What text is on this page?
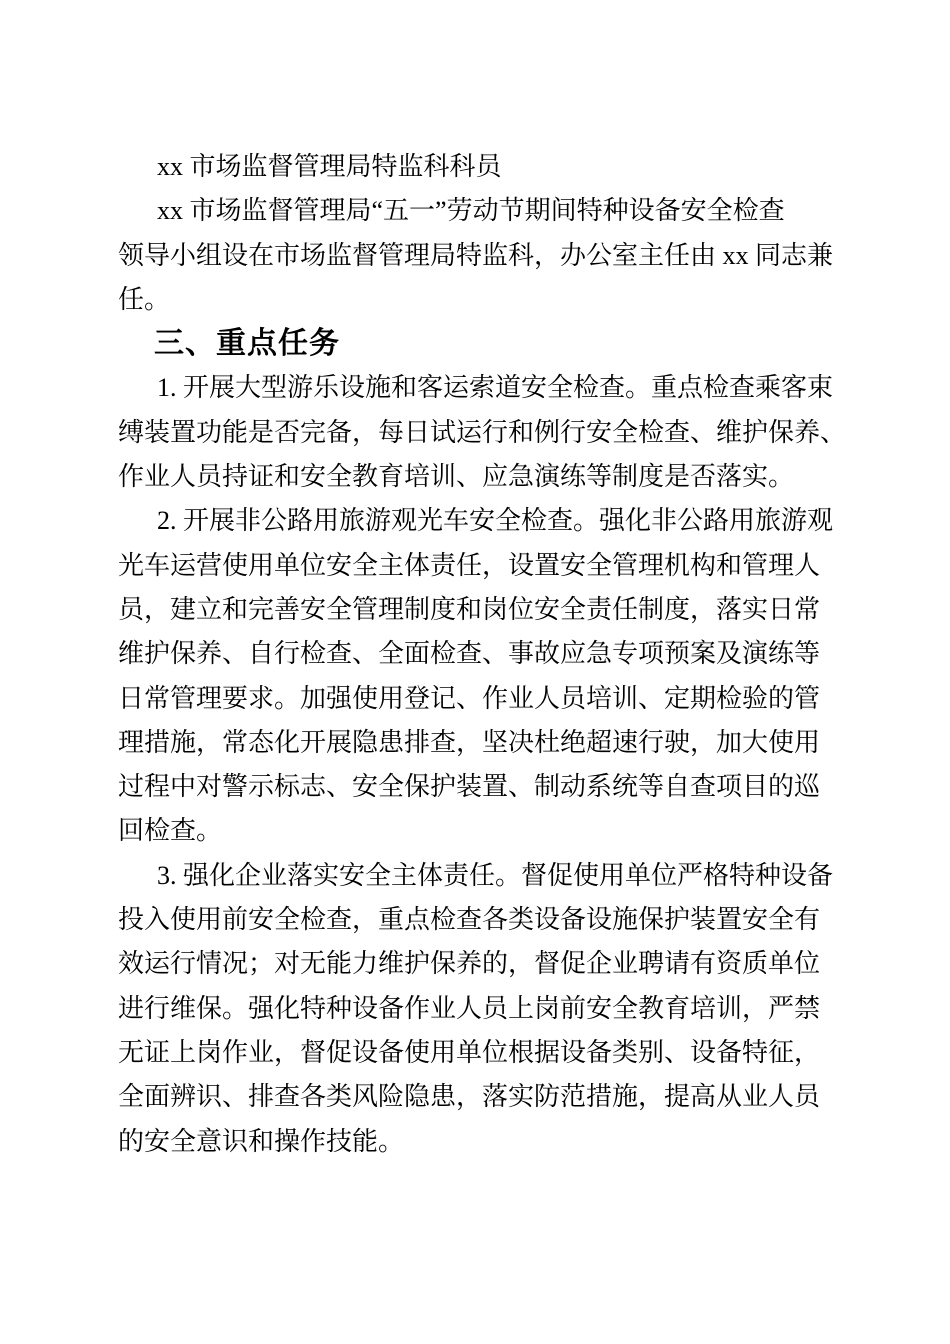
xx 市场监督管理局特监科科员
xx 市场监督管理局“五一”劳动节期间特种设备安全检查
领导小组设在市场监督管理局特监科，办公室主任由 xx 同志兼
任。
三、重点任务
1. 开展大型游乐设施和客运索道安全检查。重点检查乘客束
缚装置功能是否完备，每日试运行和例行安全检查、维护保养、
作业人员持证和安全教育培训、应急演练等制度是否落实。
2. 开展非公路用旅游观光车安全检查。强化非公路用旅游观
光车运营使用单位安全主体责任，设置安全管理机构和管理人
员，建立和完善安全管理制度和岗位安全责任制度，落实日常
维护保养、自行检查、全面检查、事故应急专项预案及演练等
日常管理要求。加强使用登记、作业人员培训、定期检验的管
理措施，常态化开展隐患排查，坚决杜绝超速行驶，加大使用
过程中对警示标志、安全保护装置、制动系统等自查项目的巡
回检查。
3. 强化企业落实安全主体责任。督促使用单位严格特种设备
投入使用前安全检查，重点检查各类设备设施保护装置安全有
效运行情况；对无能力维护保养的，督促企业聘请有资质单位
进行维保。强化特种设备作业人员上岗前安全教育培训，严禁
无证上岗作业，督促设备使用单位根据设备类别、设备特征，
全面辨识、排查各类风险隐患，落实防范措施，提高从业人员
的安全意识和操作技能。
